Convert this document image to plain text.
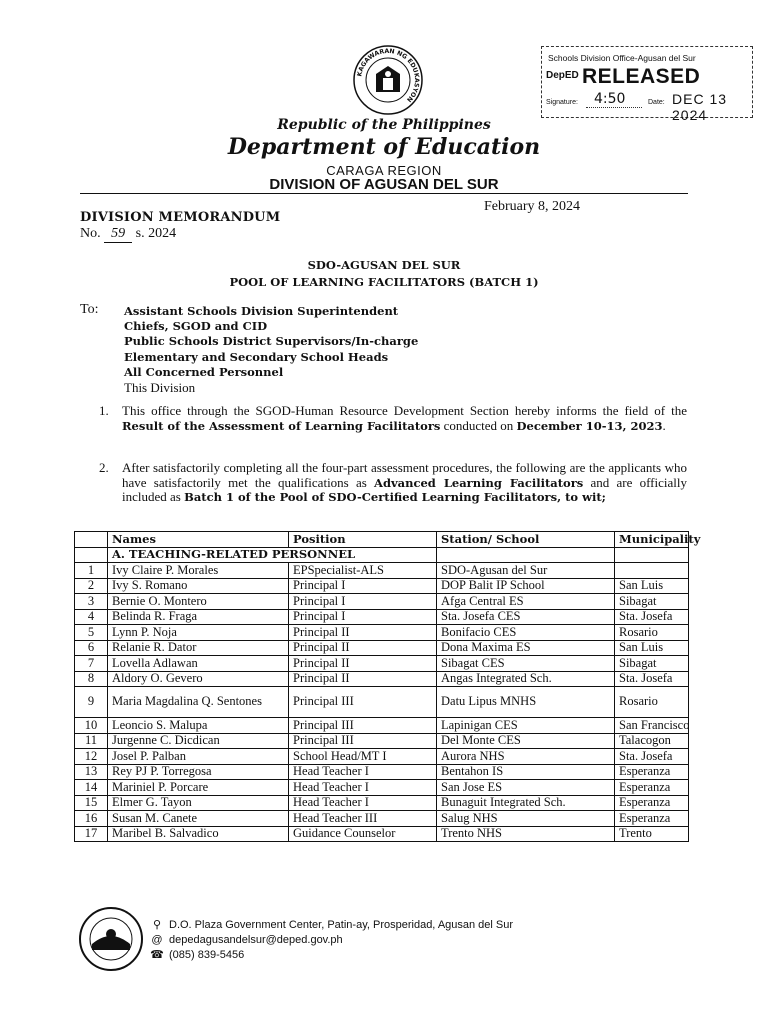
KAGAWARAN NG EDUKASYON
Schools Division Office-Agusan del Sur
DepED RELEASED
Signature: 4:50	Date: DEC 13 2024
Republic of the Philippines
Department of Education
CARAGA REGION
DIVISION OF AGUSAN DEL SUR
February 8, 2024
DIVISION MEMORANDUM
No. 59 s. 2024
SDO-AGUSAN DEL SUR
POOL OF LEARNING FACILITATORS (BATCH 1)
To: Assistant Schools Division Superintendent
Chiefs, SGOD and CID
Public Schools District Supervisors/In-charge
Elementary and Secondary School Heads
All Concerned Personnel
This Division
1. This office through the SGOD-Human Resource Development Section hereby informs the field of the Result of the Assessment of Learning Facilitators conducted on December 10-13, 2023.
2. After satisfactorily completing all the four-part assessment procedures, the following are the applicants who have satisfactorily met the qualifications as Advanced Learning Facilitators and are officially included as Batch 1 of the Pool of SDO-Certified Learning Facilitators, to wit;
	Names	Position	Station/ School	Municipality
	A. TEACHING-RELATED PERSONNEL			
1	Ivy Claire P. Morales	EPSpecialist-ALS	SDO-Agusan del Sur	
2	Ivy S. Romano	Principal I	DOP Balit IP School	San Luis
3	Bernie O. Montero	Principal I	Afga Central ES	Sibagat
4	Belinda R. Fraga	Principal I	Sta. Josefa CES	Sta. Josefa
5	Lynn P. Noja	Principal II	Bonifacio CES	Rosario
6	Relanie R. Dator	Principal II	Dona Maxima ES	San Luis
7	Lovella Adlawan	Principal II	Sibagat CES	Sibagat
8	Aldory O. Gevero	Principal II	Angas Integrated Sch.	Sta. Josefa
9	Maria Magdalina Q. Sentones	Principal III	Datu Lipus MNHS	Rosario
10	Leoncio S. Malupa	Principal III	Lapinigan CES	San Francisco
11	Jurgenne C. Dicdican	Principal III	Del Monte CES	Talacogon
12	Josel P. Palban	School Head/MT I	Aurora NHS	Sta. Josefa
13	Rey PJ P. Torregosa	Head Teacher I	Bentahon IS	Esperanza
14	Mariniel P. Porcare	Head Teacher I	San Jose ES	Esperanza
15	Elmer G. Tayon	Head Teacher I	Bunaguit Integrated Sch.	Esperanza
16	Susan M. Canete	Head Teacher III	Salug NHS	Esperanza
17	Maribel B. Salvadico	Guidance Counselor	Trento NHS	Trento
⚲ D.O. Plaza Government Center, Patin-ay, Prosperidad, Agusan del Sur
@ depedagusandelsur@deped.gov.ph
☎ (085) 839-5456
